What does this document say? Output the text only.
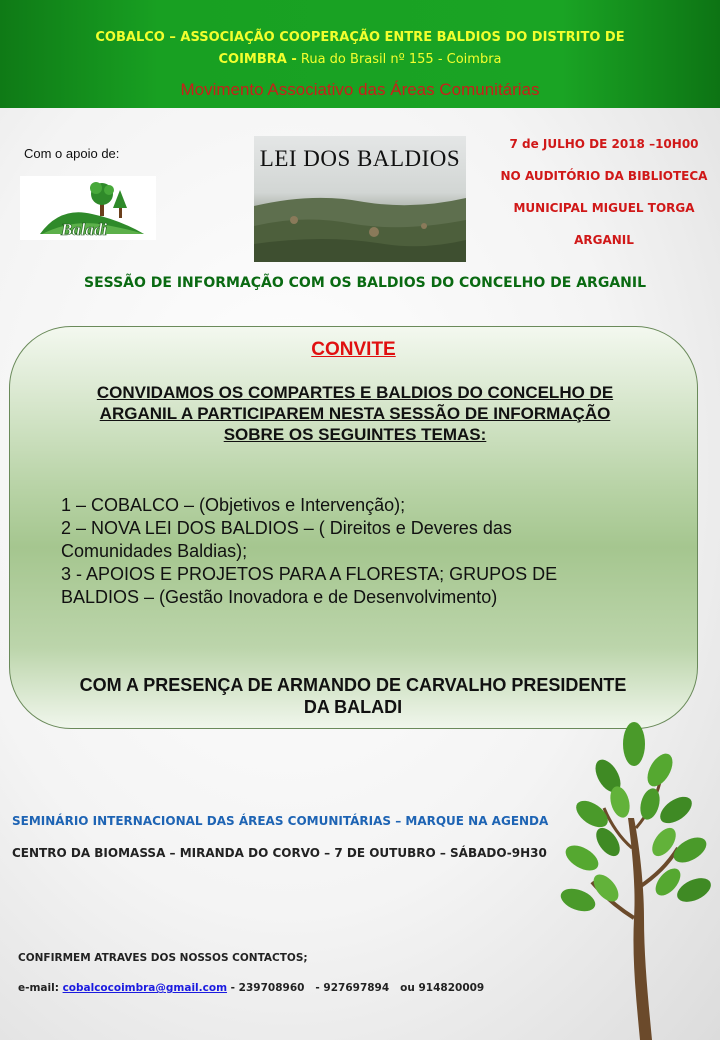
COBALCO – ASSOCIAÇÃO COOPERAÇÃO ENTRE BALDIOS DO DISTRITO DE
COIMBRA - Rua do Brasil nº 155 - Coimbra
Movimento Associativo das Áreas Comunitárias
Com o apoio de:
Baladi
LEI DOS BALDIOS
7 de JULHO DE 2018 –10H00
NO AUDITÓRIO DA BIBLIOTECA
MUNICIPAL MIGUEL TORGA
ARGANIL
SESSÃO DE INFORMAÇÃO COM OS BALDIOS DO CONCELHO DE ARGANIL
CONVITE
CONVIDAMOS OS COMPARTES E BALDIOS DO CONCELHO DE
ARGANIL A PARTICIPAREM NESTA SESSÃO DE INFORMAÇÃO
SOBRE OS SEGUINTES TEMAS:
1 – COBALCO – (Objetivos e Intervenção);
2 – NOVA LEI DOS BALDIOS – ( Direitos e Deveres das Comunidades Baldias);
3 - APOIOS E PROJETOS PARA A FLORESTA; GRUPOS DE BALDIOS – (Gestão Inovadora e de Desenvolvimento)
COM A PRESENÇA DE ARMANDO DE CARVALHO PRESIDENTE
DA BALADI
SEMINÁRIO INTERNACIONAL DAS ÁREAS COMUNITÁRIAS – MARQUE NA AGENDA
CENTRO DA BIOMASSA – MIRANDA DO CORVO – 7 DE OUTUBRO – SÁBADO-9H30
CONFIRMEM ATRAVES DOS NOSSOS CONTACTOS;
e-mail: cobalcocoimbra@gmail.com - 239708960   - 927697894   ou 914820009
